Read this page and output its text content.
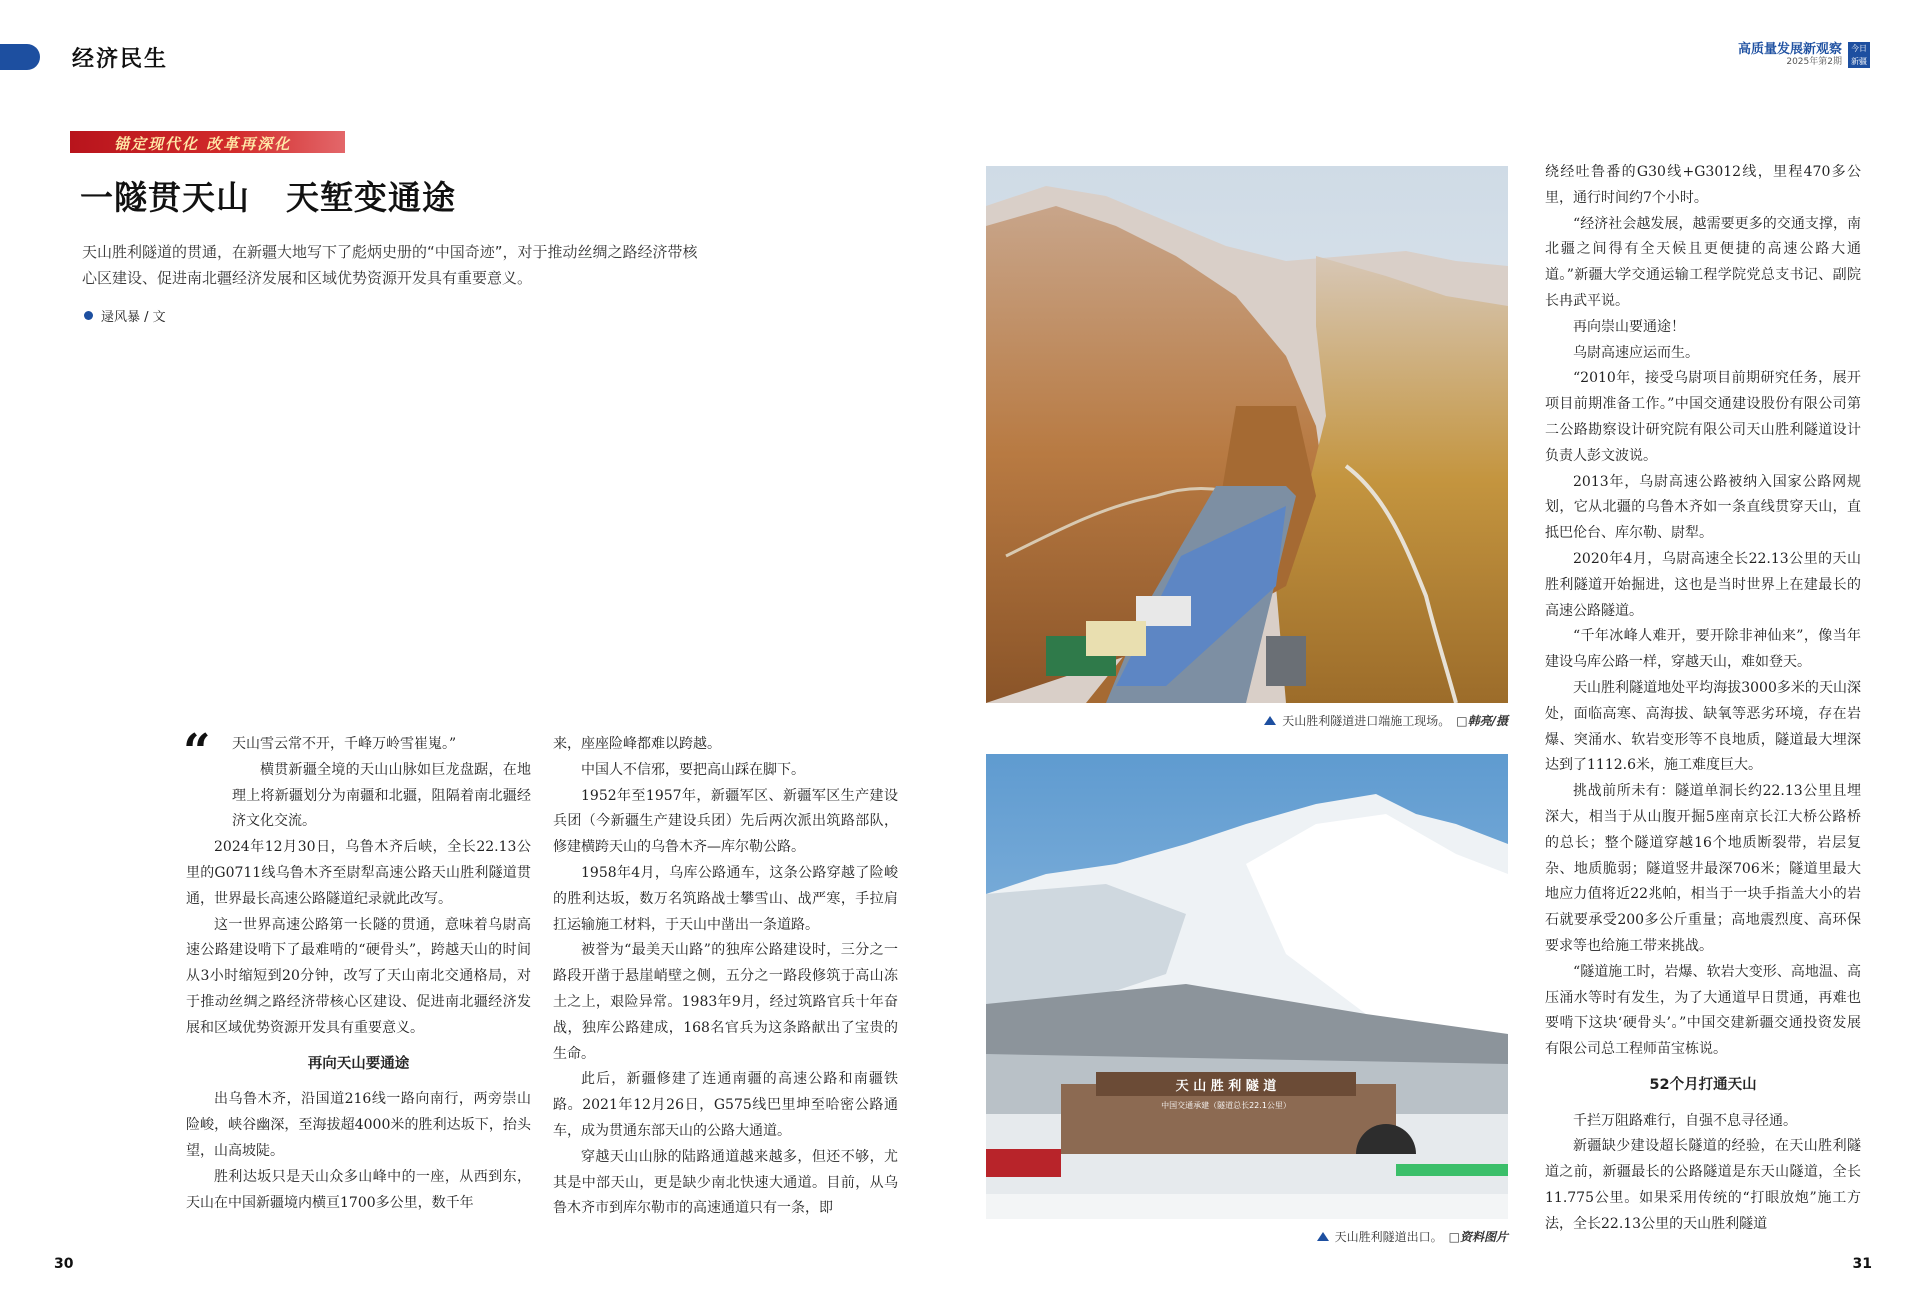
经济民生	高质量发展新观察
2025年第2期
今日新疆
锚定现代化 改革再深化
一隧贯天山 天堑变通途
天山胜利隧道的贯通，在新疆大地写下了彪炳史册的“中国奇迹”，对于推动丝绸之路经济带核心区建设、促进南北疆经济发展和区域优势资源开发具有重要意义。
逯风暴 / 文
“	天山雪云常不开，千峰万岭雪崔嵬。”

横贯新疆全境的天山山脉如巨龙盘踞，在地理上将新疆划分为南疆和北疆，阻隔着南北疆经济文化交流。

2024年12月30日，乌鲁木齐后峡，全长22.13公里的G0711线乌鲁木齐至尉犁高速公路天山胜利隧道贯通，世界最长高速公路隧道纪录就此改写。

这一世界高速公路第一长隧的贯通，意味着乌尉高速公路建设啃下了最难啃的“硬骨头”，跨越天山的时间从3小时缩短到20分钟，改写了天山南北交通格局，对于推动丝绸之路经济带核心区建设、促进南北疆经济发展和区域优势资源开发具有重要意义。

再向天山要通途

出乌鲁木齐，沿国道216线一路向南行，两旁崇山险峻，峡谷幽深，至海拔超4000米的胜利达坂下，抬头望，山高坡陡。

胜利达坂只是天山众多山峰中的一座，从西到东，天山在中国新疆境内横亘1700多公里，数千年

来，座座险峰都难以跨越。

中国人不信邪，要把高山踩在脚下。

1952年至1957年，新疆军区、新疆军区生产建设兵团（今新疆生产建设兵团）先后两次派出筑路部队，修建横跨天山的乌鲁木齐—库尔勒公路。

1958年4月，乌库公路通车，这条公路穿越了险峻的胜利达坂，数万名筑路战士攀雪山、战严寒，手拉肩扛运输施工材料，于天山中凿出一条道路。

被誉为“最美天山路”的独库公路建设时，三分之一路段开凿于悬崖峭壁之侧，五分之一路段修筑于高山冻土之上，艰险异常。1983年9月，经过筑路官兵十年奋战，独库公路建成，168名官兵为这条路献出了宝贵的生命。

此后，新疆修建了连通南疆的高速公路和南疆铁路。2021年12月26日，G575线巴里坤至哈密公路通车，成为贯通东部天山的公路大通道。

穿越天山山脉的陆路通道越来越多，但还不够，尤其是中部天山，更是缺少南北快速大通道。目前，从乌鲁木齐市到库尔勒市的高速通道只有一条，即

天山胜利隧道进口端施工现场。 □韩亮/摄
天 山 胜 利 隧 道
中国交通承建（隧道总长22.1公里）
天山胜利隧道出口。 □资料图片

绕经吐鲁番的G30线+G3012线，里程470多公里，通行时间约7个小时。

“经济社会越发展，越需要更多的交通支撑，南北疆之间得有全天候且更便捷的高速公路大通道。”新疆大学交通运输工程学院党总支书记、副院长冉武平说。

再向崇山要通途！

乌尉高速应运而生。

“2010年，接受乌尉项目前期研究任务，展开项目前期准备工作。”中国交通建设股份有限公司第二公路勘察设计研究院有限公司天山胜利隧道设计负责人彭文波说。

2013年，乌尉高速公路被纳入国家公路网规划，它从北疆的乌鲁木齐如一条直线贯穿天山，直抵巴伦台、库尔勒、尉犁。

2020年4月，乌尉高速全长22.13公里的天山胜利隧道开始掘进，这也是当时世界上在建最长的高速公路隧道。

“千年冰峰人难开，要开除非神仙来”，像当年建设乌库公路一样，穿越天山，难如登天。

天山胜利隧道地处平均海拔3000多米的天山深处，面临高寒、高海拔、缺氧等恶劣环境，存在岩爆、突涌水、软岩变形等不良地质，隧道最大埋深达到了1112.6米，施工难度巨大。

挑战前所未有：隧道单洞长约22.13公里且埋深大，相当于从山腹开掘5座南京长江大桥公路桥的总长；整个隧道穿越16个地质断裂带，岩层复杂、地质脆弱；隧道竖井最深706米；隧道里最大地应力值将近22兆帕，相当于一块手指盖大小的岩石就要承受200多公斤重量；高地震烈度、高环保要求等也给施工带来挑战。

“隧道施工时，岩爆、软岩大变形、高地温、高压涌水等时有发生，为了大通道早日贯通，再难也要啃下这块‘硬骨头’。”中国交建新疆交通投资发展有限公司总工程师苗宝栋说。

52个月打通天山

千拦万阻路难行，自强不息寻径通。

新疆缺少建设超长隧道的经验，在天山胜利隧道之前，新疆最长的公路隧道是东天山隧道，全长11.775公里。如果采用传统的“打眼放炮”施工方法，全长22.13公里的天山胜利隧道

30	31
